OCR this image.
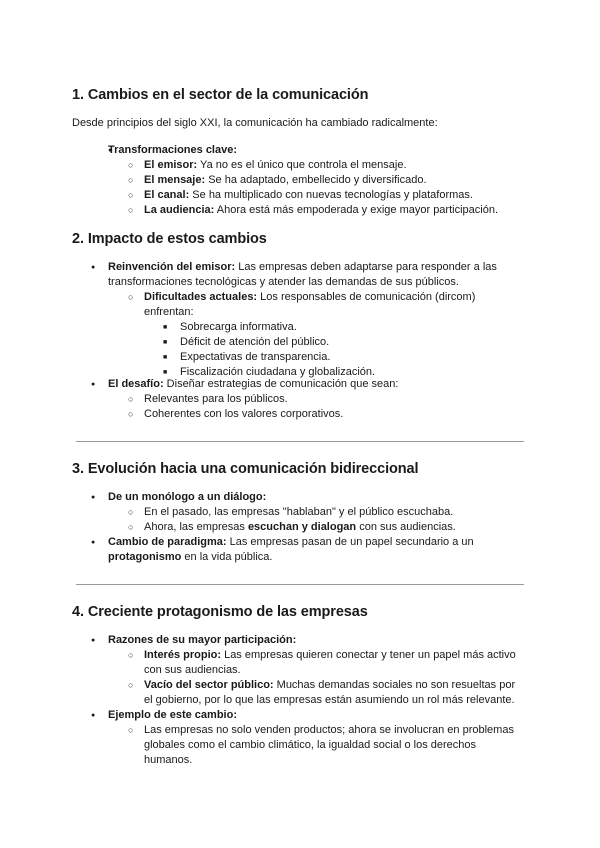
1. Cambios en el sector de la comunicación

Desde principios del siglo XXI, la comunicación ha cambiado radicalmente:

● Transformaciones clave:
○ El emisor: Ya no es el único que controla el mensaje.
○ El mensaje: Se ha adaptado, embellecido y diversificado.
○ El canal: Se ha multiplicado con nuevas tecnologías y plataformas.
○ La audiencia: Ahora está más empoderada y exige mayor participación.
2. Impacto de estos cambios
● Reinvención del emisor: Las empresas deben adaptarse para responder a las
transformaciones tecnológicas y atender las demandas de sus públicos.
○ Dificultades actuales: Los responsables de comunicación (dircom)
enfrentan:
■ Sobrecarga informativa.
■ Déficit de atención del público.
■ Expectativas de transparencia.
■ Fiscalización ciudadana y globalización.
● El desafío: Diseñar estrategias de comunicación que sean:
○ Relevantes para los públicos.
○ Coherentes con los valores corporativos.
3. Evolución hacia una comunicación bidireccional
● De un monólogo a un diálogo:
○ En el pasado, las empresas "hablaban" y el público escuchaba.
○ Ahora, las empresas escuchan y dialogan con sus audiencias.
● Cambio de paradigma: Las empresas pasan de un papel secundario a un
protagonismo en la vida pública.
4. Creciente protagonismo de las empresas
● Razones de su mayor participación:
○ Interés propio: Las empresas quieren conectar y tener un papel más activo
con sus audiencias.
○ Vacío del sector público: Muchas demandas sociales no son resueltas por
el gobierno, por lo que las empresas están asumiendo un rol más relevante.
● Ejemplo de este cambio:
○ Las empresas no solo venden productos; ahora se involucran en problemas
globales como el cambio climático, la igualdad social o los derechos
humanos.
